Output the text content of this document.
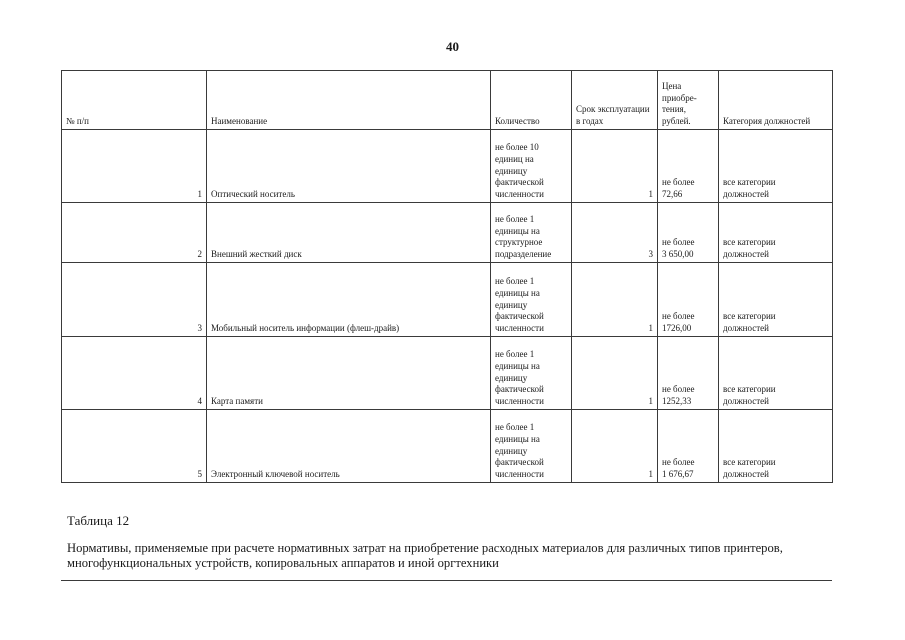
40
№ п/п	Наименование	Количество	Срок эксплуатации в годах	Цена
приобре-
тения,
рублей.	Категория должностей
1	Оптический носитель	не более 10
единиц на
единицу
фактической
численности	1	не более
72,66	все категории
должностей
2	Внешний жесткий диск	не более 1
единицы на
структурное
подразделение	3	не более
3 650,00	все категории
должностей
3	Мобильный носитель информации (флеш-драйв)	не более 1
единицы на
единицу
фактической
численности	1	не более
1726,00	все категории
должностей
4	Карта памяти	не более 1
единицы на
единицу
фактической
численности	1	не более
1252,33	все категории
должностей
5	Электронный ключевой носитель	не более 1
единицы на
единицу
фактической
численности	1	не более
1 676,67	все категории
должностей
Таблица 12
Нормативы, применяемые при расчете нормативных затрат на приобретение расходных материалов для различных типов принтеров, многофункциональных устройств, копировальных аппаратов и иной оргтехники
